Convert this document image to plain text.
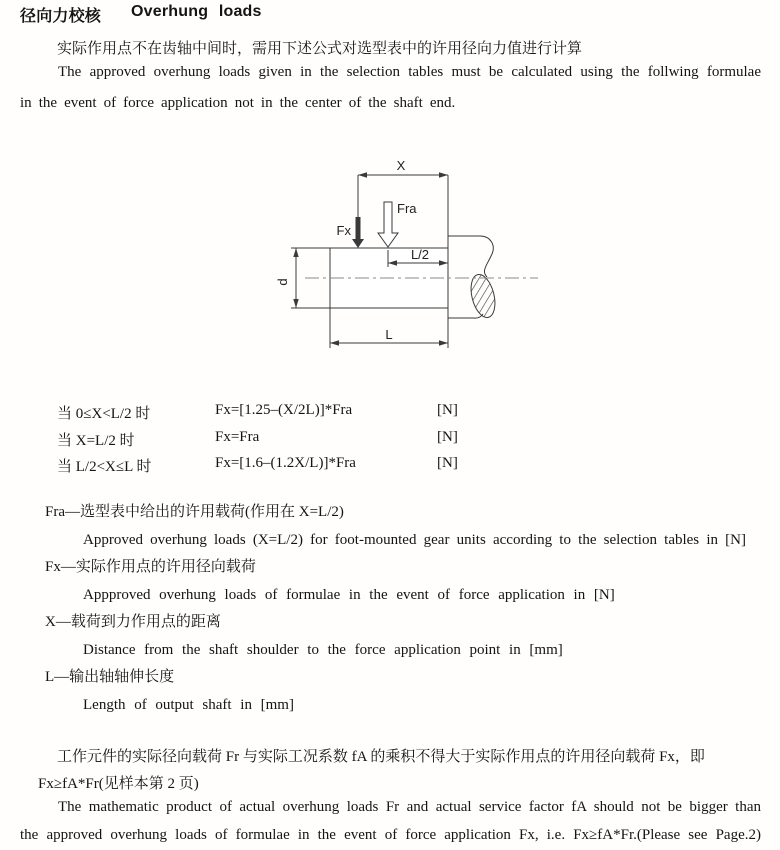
径向力校核 Overhung loads
实际作用点不在齿轴中间时，需用下述公式对选型表中的许用径向力值进行计算
The approved overhung loads given in the selection tables must be calculated using the follwing formulae in the event of force application not in the center of the shaft end.
X
Fx
Fra
L/2
d
L
当 0≤X<L/2 时	Fx=[1.25–(X/2L)]*Fra	[N]
当 X=L/2 时	Fx=Fra	[N]
当 L/2<X≤L 时	Fx=[1.6–(1.2X/L)]*Fra	[N]
Fra—选型表中给出的许用载荷(作用在 X=L/2)
Approved overhung loads (X=L/2) for foot-mounted gear units according to the selection tables in [N]
Fx—实际作用点的许用径向载荷
Appproved overhung loads of formulae in the event of force application in [N]
X—载荷到力作用点的距离
Distance from the shaft shoulder to the force application point in [mm]
L—输出轴轴伸长度
Length of output shaft in [mm]
工作元件的实际径向载荷 Fr 与实际工况系数 fA 的乘积不得大于实际作用点的许用径向载荷 Fx，即
Fx≥fA*Fr(见样本第 2 页)
The mathematic product of actual overhung loads Fr and actual service factor fA should not be bigger than the approved overhung loads of formulae in the event of force application Fx, i.e. Fx≥fA*Fr.(Please see Page.2)
